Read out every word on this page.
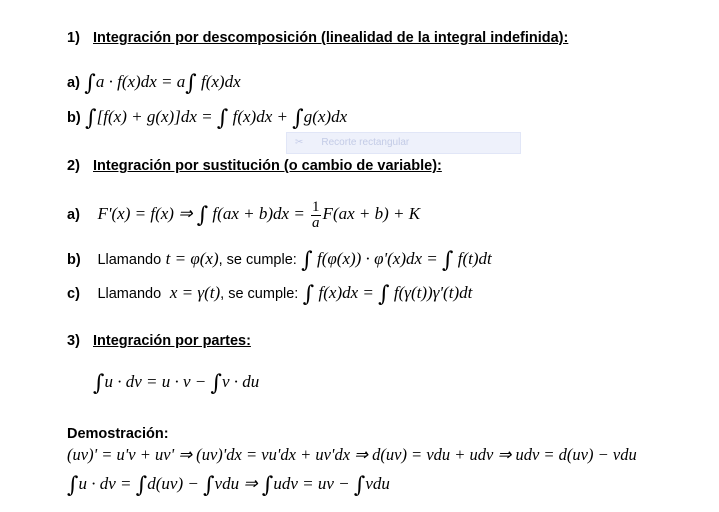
1) Integración por descomposición (linealidad de la integral indefinida):
a) ∫a · f(x)dx = a∫ f(x)dx
b) ∫[f(x) + g(x)]dx = ∫ f(x)dx + ∫g(x)dx
✂ Recorte rectangular
2) Integración por sustitución (o cambio de variable):
a) F'(x) = f(x) ⇒ ∫ $f(ax + b)dx = \frac{1}{a} F(ax + b) + K$
b) Llamando t = φ(x), se cumple: ∫ f(φ(x)) · φ'(x)dx = ∫ f(t)dt
c) Llamando x = γ(t), se cumple: ∫ f(x)dx = ∫ f(γ(t))γ'(t)dt
3) Integración por partes:
∫u · dv = u · v − ∫v · du
Demostración:
(uv)' = u'v + uv' ⇒ (uv)'dx = vu'dx + uv'dx ⇒ d(uv) = vdu + udv ⇒ udv = d(uv) − vdu
∫u · dv = ∫d(uv) − ∫vdu ⇒ ∫udv = uv − ∫vdu
